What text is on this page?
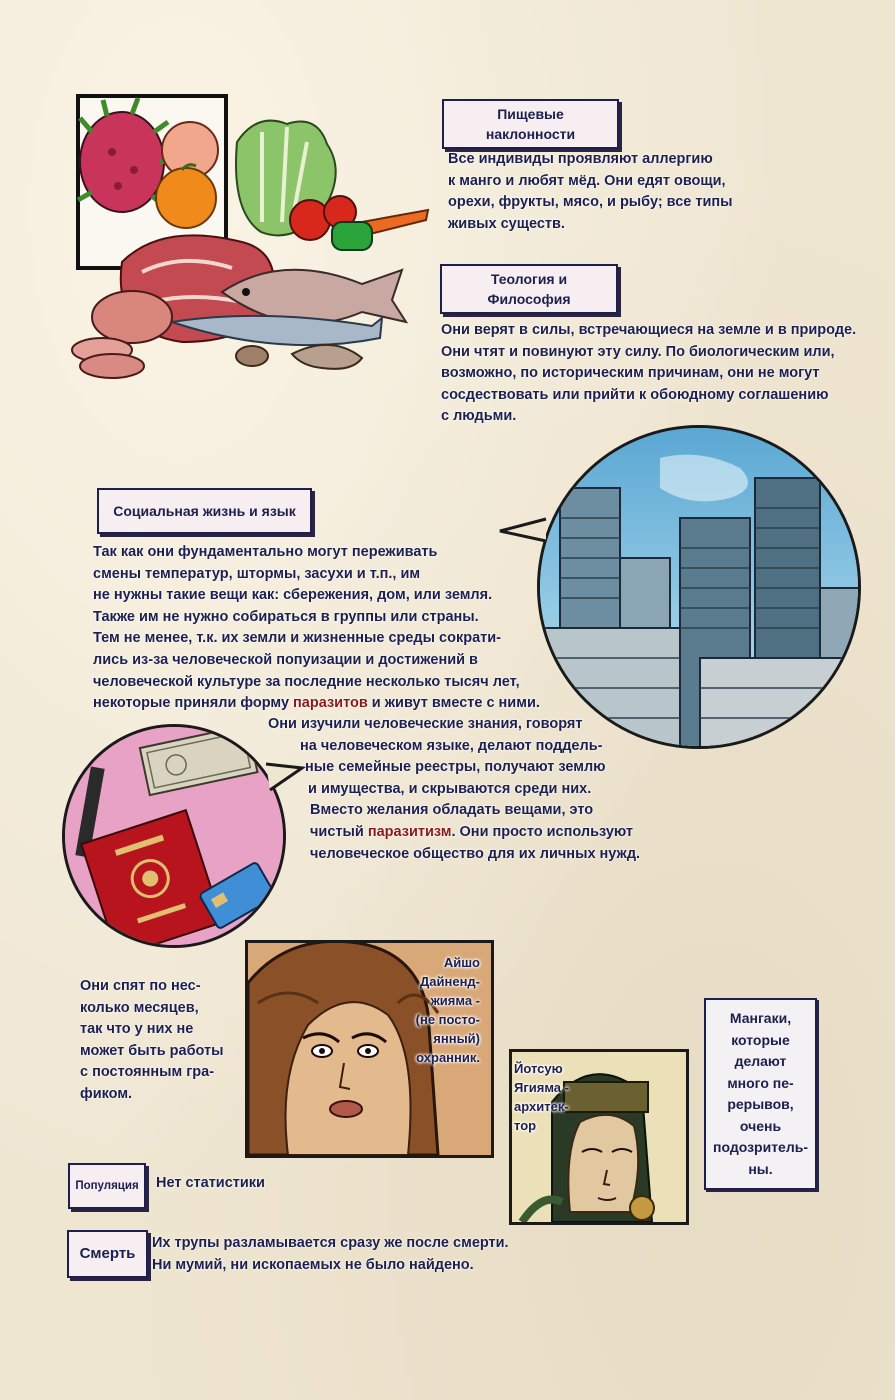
Пищевые
наклонности
Все индивиды проявляют аллергию
к манго и любят мёд. Они едят овощи,
орехи, фрукты, мясо, и рыбу; все типы
живых существ.
Теология и
Философия
Они верят в силы, встречающиеся на земле и в природе.
Они чтят и повинуют эту силу. По биологическим или,
возможно, по историческим причинам, они не могут
сосдествовать или прийти к обоюдному соглашению
с людьми.
Социальная жизнь и язык
Так как они фундаментально могут переживать
смены температур, штормы, засухи и т.п., им
не нужны такие вещи как: сбережения, дом, или земля.
Также им не нужно собираться в группы или страны.
Тем не менее, т.к. их земли и жизненные среды сократи-
лись из-за человеческой попуизации и достижений в
человеческой культуре за последние несколько тысяч лет,
некоторые приняли форму паразитов и живут вместе с ними.
Они изучили человеческие знания, говорят
на человеческом языке, делают поддель-
ные семейные реестры, получают землю
и имущества, и скрываются среди них.
Вместо желания обладать вещами, это
чистый паразитизм. Они просто используют
человеческое общество для их личных нужд.
Они спят по нес-
колько месяцев,
так что у них не
может быть работы
с постоянным гра-
фиком.
Айшо
Дайненд-
жияма -
(не посто-
янный)
охранник.
Йотсую
Ягияма -
архитек-
тор
Мангаки,
которые
делают
много пе-
рерывов,
очень
подозритель-
ны.
Популяция Нет статистики
Смерть
Их трупы разламывается сразу же после смерти.
Ни мумий, ни ископаемых не было найдено.
